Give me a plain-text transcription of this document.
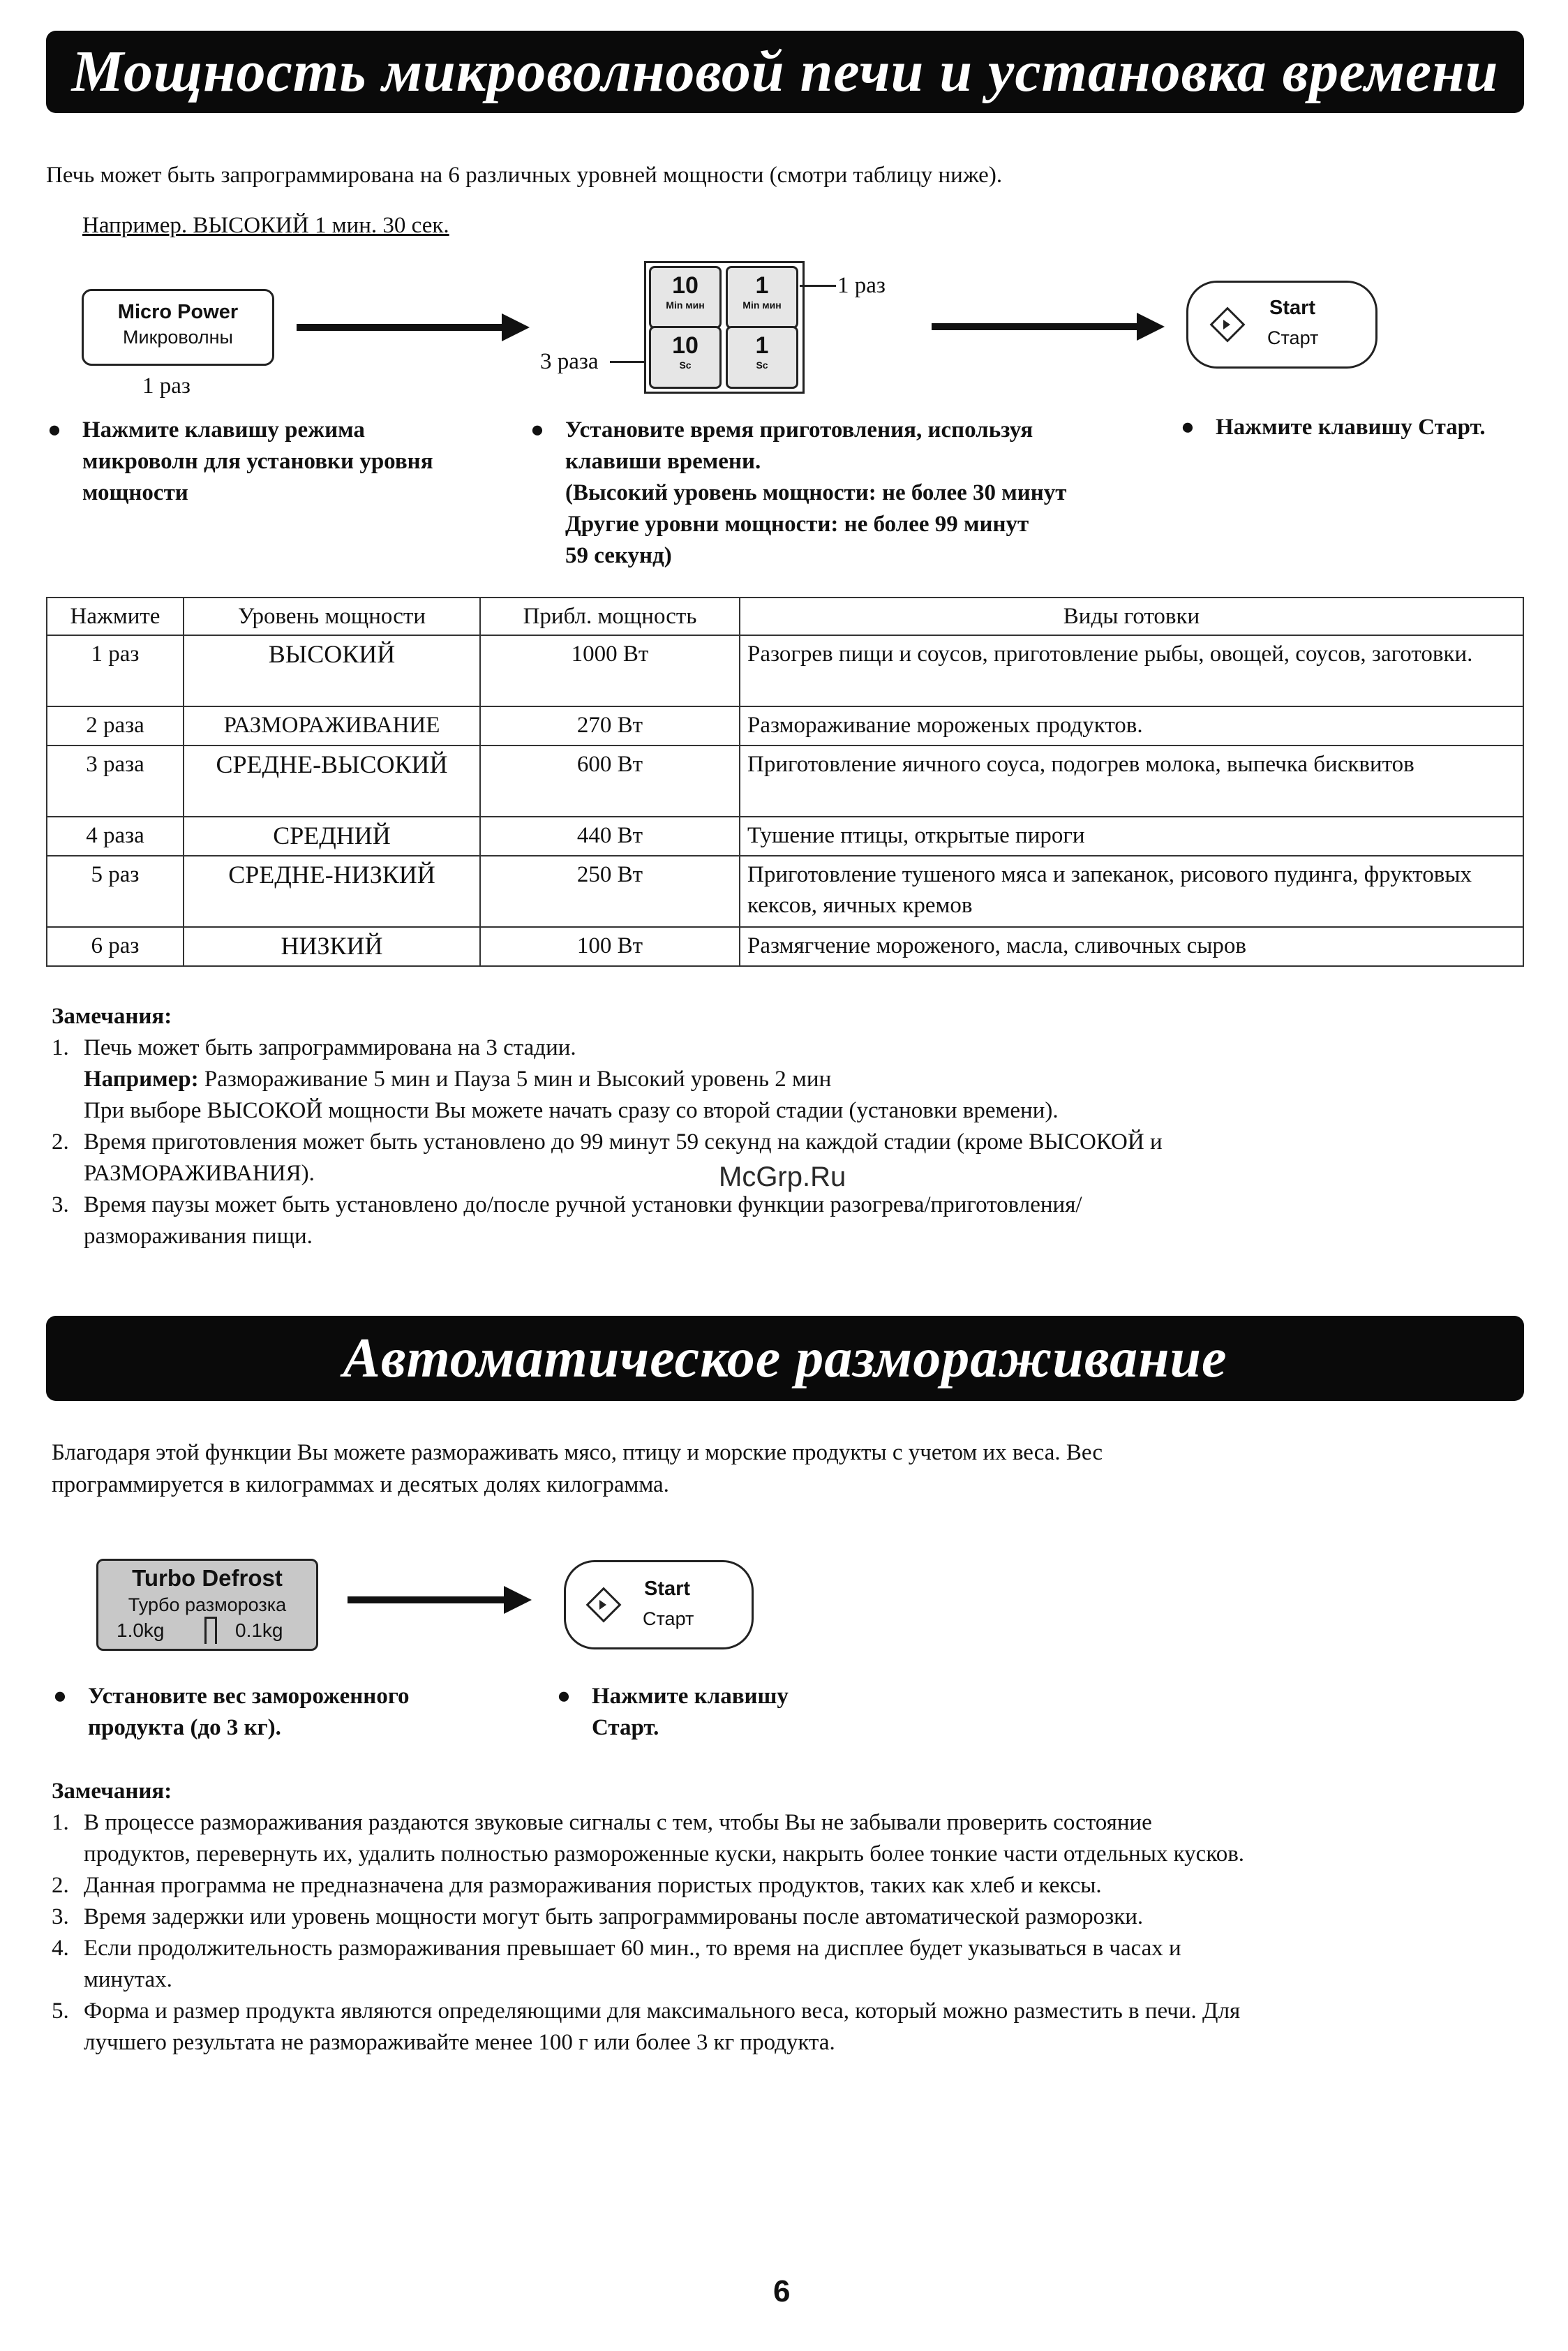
Мощность микроволновой печи и установка времени
Печь может быть запрограммирована на 6 различных уровней мощности (смотри таблицу ниже).
Например. ВЫСОКИЙ 1 мин. 30 сек.
Micro Power
Микроволны
1 раз
10
Min мин
1
Min мин
10
Sc
1
Sc
1 раз
3 раза
Start
Старт
● Нажмите клавишу режима микроволн для установки уровня мощности
● Установите время приготовления, используя
клавиши времени.
(Высокий уровень мощности: не более 30 минут
Другие уровни мощности: не более 99 минут
59 секунд)
● Нажмите клавишу Старт.
Нажмите	Уровень мощности	Прибл. мощность	Виды готовки
1 раз	ВЫСОКИЙ	1000 Вт	Разогрев пищи и соусов, приготовление рыбы, овощей, соусов, заготовки.
2 раза	РАЗМОРАЖИВАНИЕ	270 Вт	Размораживание мороженых продуктов.
3 раза	СРЕДНЕ-ВЫСОКИЙ	600 Вт	Приготовление яичного соуса, подогрев молока, выпечка бисквитов
4 раза	СРЕДНИЙ	440 Вт	Тушение птицы, открытые пироги
5 раз	СРЕДНЕ-НИЗКИЙ	250 Вт	Приготовление тушеного мяса и запеканок, рисового пудинга, фруктовых кексов, яичных кремов
6 раз	НИЗКИЙ	100 Вт	Размягчение мороженого, масла, сливочных сыров
Замечания:
1. Печь может быть запрограммирована на 3 стадии.
Например: Размораживание 5 мин и Пауза 5 мин и Высокий уровень 2 мин
При выборе ВЫСОКОЙ мощности Вы можете начать сразу со второй стадии (установки времени).
2. Время приготовления может быть установлено до 99 минут 59 секунд на каждой стадии (кроме ВЫСОКОЙ и
РАЗМОРАЖИВАНИЯ).
3. Время паузы может быть установлено до/после ручной установки функции разогрева/приготовления/
размораживания пищи.
McGrp.Ru
Автоматическое размораживание
Благодаря этой функции Вы можете размораживать мясо, птицу и морские продукты с учетом их веса. Вес
программируется в килограммах и десятых долях килограмма.
Turbo Defrost
Турбо разморозка
1.0kg	0.1kg
Start
Старт
● Установите вес замороженного продукта (до 3 кг).
● Нажмите клавишу Старт.
Замечания:
1. В процессе размораживания раздаются звуковые сигналы с тем, чтобы Вы не забывали проверить состояние
продуктов, перевернуть их, удалить полностью размороженные куски, накрыть более тонкие части отдельных кусков.
2. Данная программа не предназначена для размораживания пористых продуктов, таких как хлеб и кексы.
3. Время задержки или уровень мощности могут быть запрограммированы после автоматической разморозки.
4. Если продолжительность размораживания превышает 60 мин., то время на дисплее будет указываться в часах и
минутах.
5. Форма и размер продукта являются определяющими для максимального веса, который можно разместить в печи. Для
лучшего результата не размораживайте менее 100 г или более 3 кг продукта.
6
